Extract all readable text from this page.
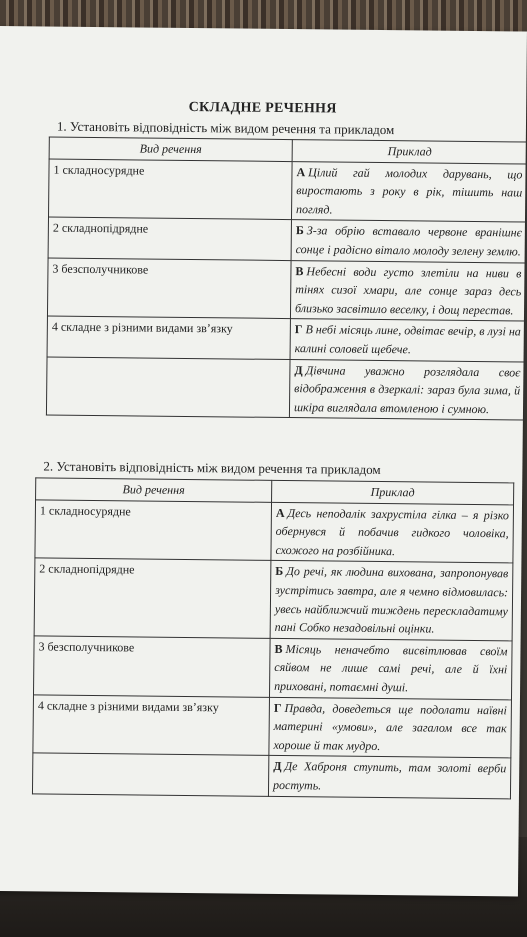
СКЛАДНЕ РЕЧЕННЯ
1. Установіть відповідність між видом речення та прикладом
Вид речення	Приклад
1 складносурядне	А Цілий гай молодих дарувань, що виростають з року в рік, тішить наш погляд.
2 складнопідрядне	Б З-за обрію вставало червоне вранішнє сонце і радісно вітало молоду зелену землю.
3 безсполучникове	В Небесні води густо злетіли на ниви в тінях сизої хмари, але сонце зараз десь близько засвітило веселку, і дощ перестав.
4 складне з різними видами зв’язку	Г В небі місяць лине, одвітає вечір, в лузі на калині соловей щебече.
	Д Дівчина уважно розглядала своє відображення в дзеркалі: зараз була зима, й шкіра виглядала втомленою і сумною.
2. Установіть відповідність між видом речення та прикладом
Вид речення	Приклад
1 складносурядне	А Десь неподалік захрустіла гілка – я різко обернувся й побачив гидкого чоловіка, схожого на розбійника.
2 складнопідрядне	Б До речі, як людина вихована, запропонував зустрітись завтра, але я чемно відмовилась: увесь найближчий тиждень перескладатиму пані Собко незадовільні оцінки.
3 безсполучникове	В Місяць неначебто висвітлював своїм сяйвом не лише самі речі, але й їхні приховані, потаємні душі.
4 складне з різними видами зв’язку	Г Правда, доведеться ще подолати наївні материні «умови», але загалом все так хороше й так мудро.
	Д Де Хаброня ступить, там золоті верби ростуть.
